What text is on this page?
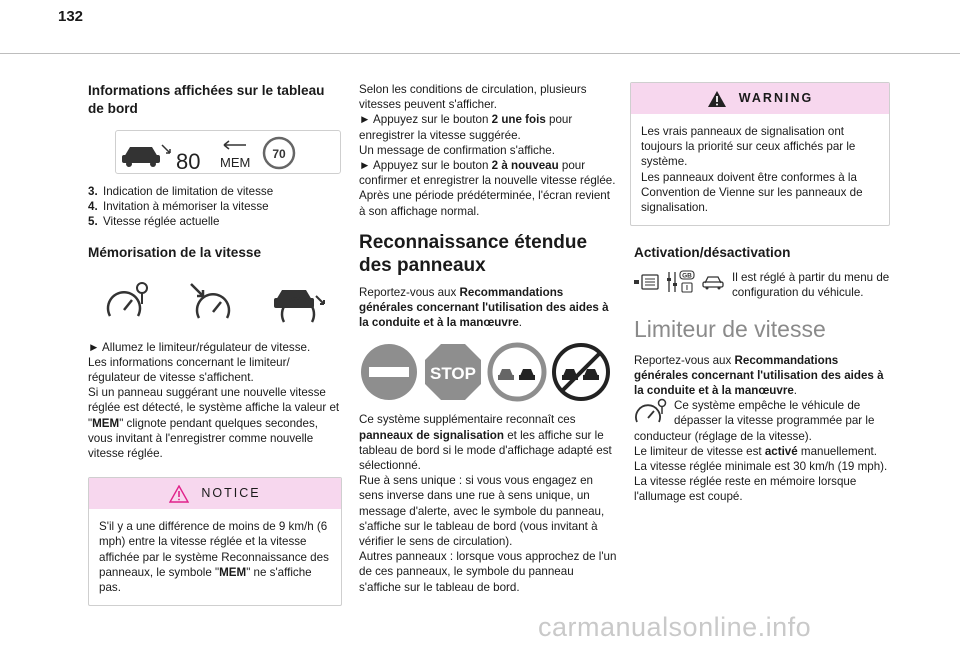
132
Informations affichées sur le tableau de bord
80 MEM
70
3. Indication de limitation de vitesse
4. Invitation à mémoriser la vitesse
5. Vitesse réglée actuelle
Mémorisation de la vitesse

► Allumez le limiteur/régulateur de vitesse.

Les informations concernant le limiteur/ régulateur de vitesse s'affichent.

Si un panneau suggérant une nouvelle vitesse réglée est détecté, le système affiche la valeur et "MEM" clignote pendant quelques secondes, vous invitant à l'enregistrer comme nouvelle vitesse réglée.

NOTICE

S'il y a une différence de moins de 9 km/h (6 mph) entre la vitesse réglée et la vitesse affichée par le système Reconnaissance des panneaux, le symbole "MEM" ne s'affiche pas.

Selon les conditions de circulation, plusieurs vitesses peuvent s'afficher.

► Appuyez sur le bouton 2 une fois pour enregistrer la vitesse suggérée.

Un message de confirmation s'affiche.

► Appuyez sur le bouton 2 à nouveau pour confirmer et enregistrer la nouvelle vitesse réglée.

Après une période prédéterminée, l'écran revient à son affichage normal.

Reconnaissance étendue des panneaux

Reportez-vous aux Recommandations générales concernant l'utilisation des aides à la conduite et à la manœuvre.

STOP

Ce système supplémentaire reconnaît ces panneaux de signalisation et les affiche sur le tableau de bord si le mode d'affichage adapté est sélectionné.

Rue à sens unique : si vous vous engagez en sens inverse dans une rue à sens unique, un message d'alerte, avec le symbole du panneau, s'affiche sur le tableau de bord (vous invitant à vérifier le sens de circulation).

Autres panneaux : lorsque vous approchez de l'un de ces panneaux, le symbole du panneau s'affiche sur le tableau de bord.

WARNING

Les vrais panneaux de signalisation ont toujours la priorité sur ceux affichés par le système.

Les panneaux doivent être conformes à la Convention de Vienne sur les panneaux de signalisation.

Activation/désactivation
GB
I

Il est réglé à partir du menu de configuration du véhicule.

Limiteur de vitesse

Reportez-vous aux Recommandations générales concernant l'utilisation des aides à la conduite et à la manœuvre.

Ce système empêche le véhicule de dépasser la vitesse programmée par le conducteur (réglage de la vitesse).

Le limiteur de vitesse est activé manuellement.

La vitesse réglée minimale est 30 km/h (19 mph).

La vitesse réglée reste en mémoire lorsque l'allumage est coupé.

carmanualsonline.info
